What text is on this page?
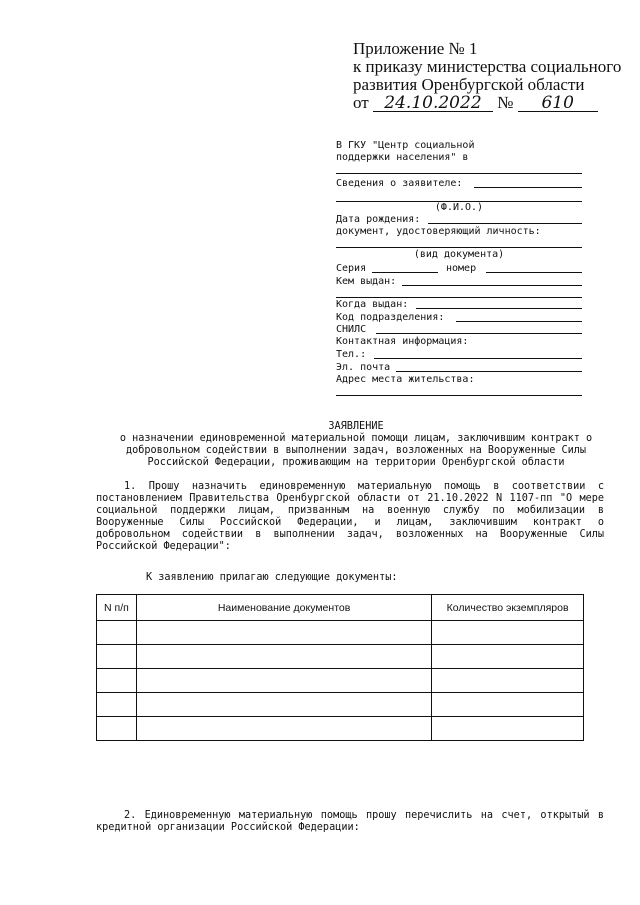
Приложение № 1
к приказу министерства социального
развития Оренбургской области
от 24.10.2022 № 610
В ГКУ "Центр социальной
поддержки населения" в
Сведения о заявителе:
(Ф.И.О.)
Дата рождения:
документ, удостоверяющий личность:
(вид документа)
Серия	номер
Кем выдан:
Когда выдан:
Код подразделения:
СНИЛС
Контактная информация:
Тел.:
Эл. почта
Адрес места жительства:
ЗАЯВЛЕНИЕ
о назначении единовременной материальной помощи лицам, заключившим контракт о
добровольном содействии в выполнении задач, возложенных на Вооруженные Силы
Российской Федерации, проживающим на территории Оренбургской области
1. Прошу назначить единовременную материальную помощь в соответствии с постановлением Правительства Оренбургской области от 21.10.2022 N 1107-пп "О мере социальной поддержки лицам, призванным на военную службу по мобилизации в Вооруженные Силы Российской Федерации, и лицам, заключившим контракт о добровольном содействии в выполнении задач, возложенных на Вооруженные Силы Российской Федерации":
К заявлению прилагаю следующие документы:
N п/п	Наименование документов	Количество экземпляров

2. Единовременную материальную помощь прошу перечислить на счет, открытый в кредитной организации Российской Федерации:
